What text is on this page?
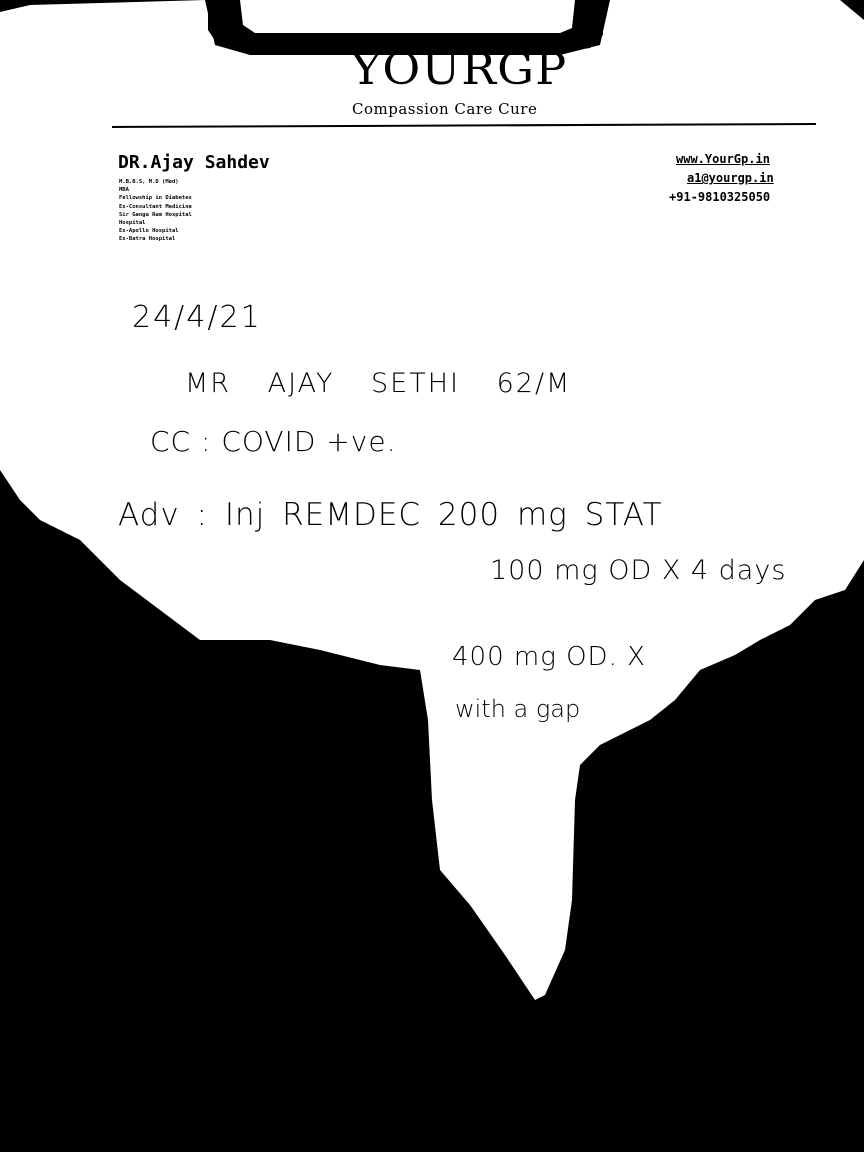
YOURGP
Compassion Care Cure
DR.Ajay Sahdev
M.B.B.S, M.D (Med)
MBA
Fellowship in Diabetes
Ex-Consultant Medicine
Sir Ganga Ram Hospital
Hospital
Ex-Apollo Hospital
Ex-Batra Hospital
www.YourGp.in
a1@yourgp.in
+91-9810325050
24/4/21
MR AJAY SETHI 62/M
CC : COVID +ve.
Adv : Inj REMDEC 200 mg STAT
100 mg OD X 4 days
400 mg OD. X
with a gap
